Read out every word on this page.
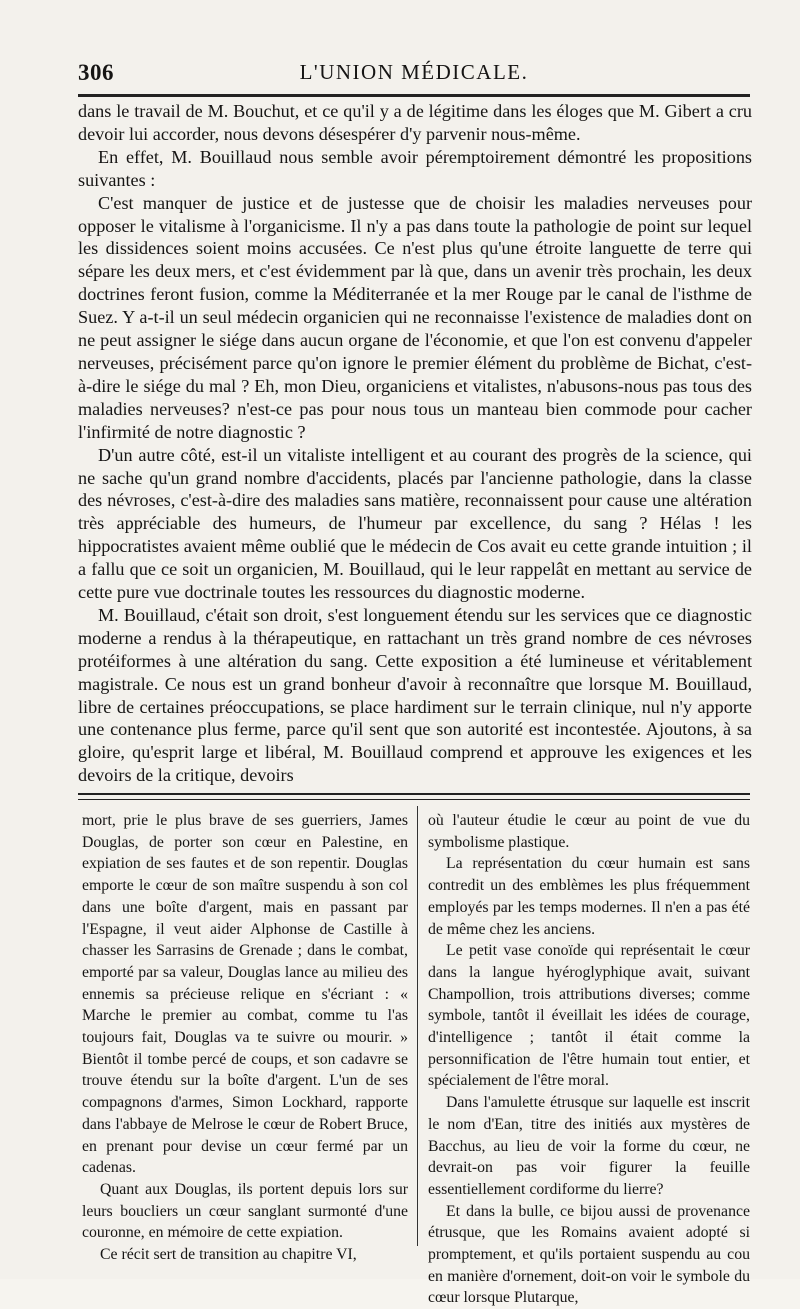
306	L'UNION MÉDICALE.

dans le travail de M. Bouchut, et ce qu'il y a de légitime dans les éloges que M. Gibert a cru devoir lui accorder, nous devons désespérer d'y parvenir nous-même.

En effet, M. Bouillaud nous semble avoir péremptoirement démontré les propositions suivantes :

C'est manquer de justice et de justesse que de choisir les maladies nerveuses pour opposer le vitalisme à l'organicisme. Il n'y a pas dans toute la pathologie de point sur lequel les dissidences soient moins accusées. Ce n'est plus qu'une étroite languette de terre qui sépare les deux mers, et c'est évidemment par là que, dans un avenir très prochain, les deux doctrines feront fusion, comme la Méditerranée et la mer Rouge par le canal de l'isthme de Suez. Y a-t-il un seul médecin organicien qui ne reconnaisse l'existence de maladies dont on ne peut assigner le siége dans aucun organe de l'économie, et que l'on est convenu d'appeler nerveuses, précisément parce qu'on ignore le premier élément du problème de Bichat, c'est-à-dire le siége du mal ? Eh, mon Dieu, organiciens et vitalistes, n'abusons-nous pas tous des maladies nerveuses? n'est-ce pas pour nous tous un manteau bien commode pour cacher l'infirmité de notre diagnostic ?

D'un autre côté, est-il un vitaliste intelligent et au courant des progrès de la science, qui ne sache qu'un grand nombre d'accidents, placés par l'ancienne pathologie, dans la classe des névroses, c'est-à-dire des maladies sans matière, reconnaissent pour cause une altération très appréciable des humeurs, de l'humeur par excellence, du sang ? Hélas ! les hippocratistes avaient même oublié que le médecin de Cos avait eu cette grande intuition ; il a fallu que ce soit un organicien, M. Bouillaud, qui le leur rappelât en mettant au service de cette pure vue doctrinale toutes les ressources du diagnostic moderne.

M. Bouillaud, c'était son droit, s'est longuement étendu sur les services que ce diagnostic moderne a rendus à la thérapeutique, en rattachant un très grand nombre de ces névroses protéiformes à une altération du sang. Cette exposition a été lumineuse et véritablement magistrale. Ce nous est un grand bonheur d'avoir à reconnaître que lorsque M. Bouillaud, libre de certaines préoccupations, se place hardiment sur le terrain clinique, nul n'y apporte une contenance plus ferme, parce qu'il sent que son autorité est incontestée. Ajoutons, à sa gloire, qu'esprit large et libéral, M. Bouillaud comprend et approuve les exigences et les devoirs de la critique, devoirs

mort, prie le plus brave de ses guerriers, James Douglas, de porter son cœur en Palestine, en expiation de ses fautes et de son repentir. Douglas emporte le cœur de son maître suspendu à son col dans une boîte d'argent, mais en passant par l'Espagne, il veut aider Alphonse de Castille à chasser les Sarrasins de Grenade ; dans le combat, emporté par sa valeur, Douglas lance au milieu des ennemis sa précieuse relique en s'écriant : « Marche le premier au combat, comme tu l'as toujours fait, Douglas va te suivre ou mourir. » Bientôt il tombe percé de coups, et son cadavre se trouve étendu sur la boîte d'argent. L'un de ses compagnons d'armes, Simon Lockhard, rapporte dans l'abbaye de Melrose le cœur de Robert Bruce, en prenant pour devise un cœur fermé par un cadenas.

Quant aux Douglas, ils portent depuis lors sur leurs boucliers un cœur sanglant surmonté d'une couronne, en mémoire de cette expiation.

Ce récit sert de transition au chapitre VI,

où l'auteur étudie le cœur au point de vue du symbolisme plastique.

La représentation du cœur humain est sans contredit un des emblèmes les plus fréquemment employés par les temps modernes. Il n'en a pas été de même chez les anciens.

Le petit vase conoïde qui représentait le cœur dans la langue hyéroglyphique avait, suivant Champollion, trois attributions diverses; comme symbole, tantôt il éveillait les idées de courage, d'intelligence ; tantôt il était comme la personnification de l'être humain tout entier, et spécialement de l'être moral.

Dans l'amulette étrusque sur laquelle est inscrit le nom d'Ean, titre des initiés aux mystères de Bacchus, au lieu de voir la forme du cœur, ne devrait-on pas voir figurer la feuille essentiellement cordiforme du lierre?

Et dans la bulle, ce bijou aussi de provenance étrusque, que les Romains avaient adopté si promptement, et qu'ils portaient suspendu au cou en manière d'ornement, doit-on voir le symbole du cœur lorsque Plutarque,
